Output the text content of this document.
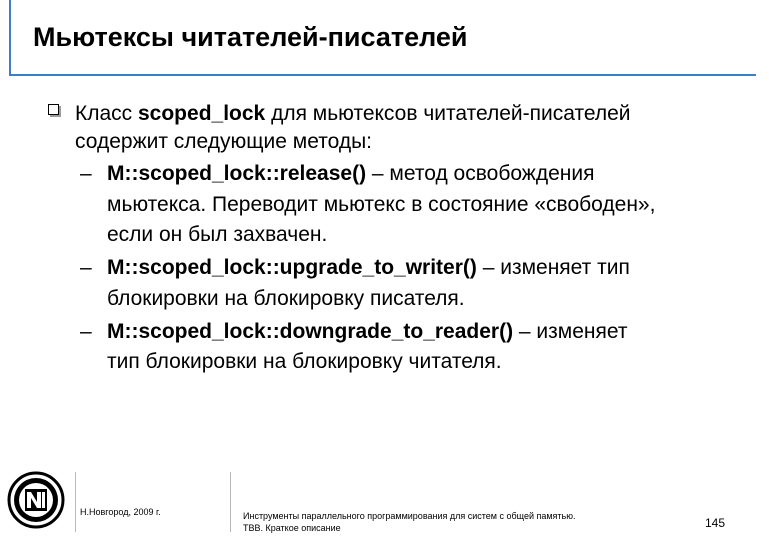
Мьютексы читателей-писателей
Класс scoped_lock для мьютексов читателей-писателей
содержит следующие методы:
– M::scoped_lock::release() – метод освобождения
мьютекса. Переводит мьютекс в состояние «свободен»,
если он был захвачен.
– M::scoped_lock::upgrade_to_writer() – изменяет тип
блокировки на блокировку писателя.
– M::scoped_lock::downgrade_to_reader() – изменяет
тип блокировки на блокировку читателя.
Н.Новгород, 2009 г.	Инструменты параллельного программирования для систем с общей памятью.
TBB. Краткое описание	145
